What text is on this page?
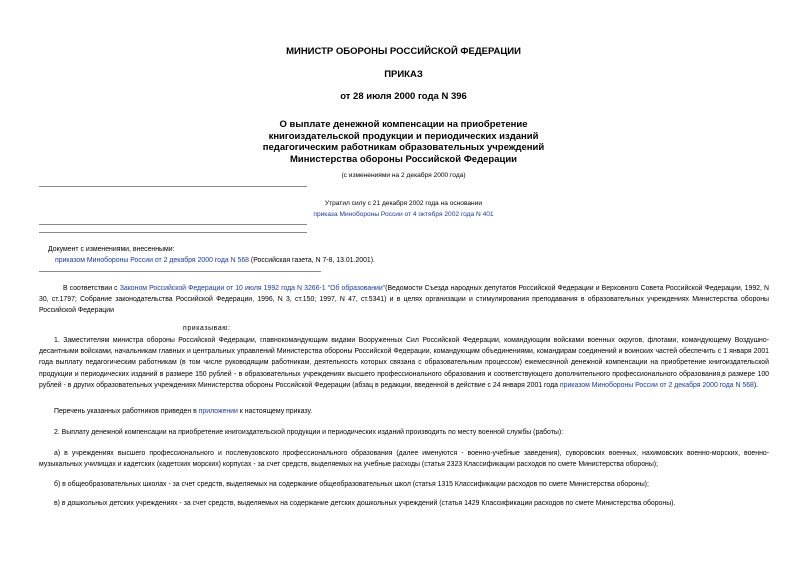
МИНИСТР ОБОРОНЫ РОССИЙСКОЙ ФЕДЕРАЦИИ
ПРИКАЗ
от 28 июля 2000 года N 396
О выплате денежной компенсации на приобретение
книгоиздательской продукции и периодических изданий
педагогическим работникам образовательных учреждений
Министерства обороны Российской Федерации
(с изменениями на 2 декабря 2000 года)
Утратил силу с 21 декабря 2002 года на основании
приказа Минобороны России от 4 октября 2002 года N 401
Документ с изменениями, внесенными:
приказом Минобороны России от 2 декабря 2000 года N 568 (Российская газета, N 7-8, 13.01.2001).
В соответствии с Законом Российской Федерации от 10 июля 1992 года N 3266-1 "Об образовании"(Ведомости Съезда народных депутатов Российской Федерации и Верховного Совета Российской Федерации, 1992, N 30, ст.1797; Собрание законодательства Российской Федерации, 1996, N 3, ст.150; 1997, N 47, ст.5341) и в целях организации и стимулирования преподавания в образовательных учреждениях Министерства обороны Российской Федерации
приказываю:
1. Заместителям министра обороны Российской Федерации, главнокомандующим видами Вооруженных Сил Российской Федерации, командующим войсками военных округов, флотами, командующему Воздушно-десантными войсками, начальникам главных и центральных управлений Министерства обороны Российской Федерации, командующим объединениями, командирам соединений и воинских частей обеспечить с 1 января 2001 года выплату педагогическим работникам (в том числе руководящим работникам, деятельность которых связана с образовательным процессом) ежемесячной денежной компенсации на приобретение книгоиздательской продукции и периодических изданий в размере 150 рублей - в образовательных учреждениях высшего профессионального образования и соответствующего дополнительного профессионального образования,в размере 100 рублей - в других образовательных учреждениях Министерства обороны Российской Федерации (абзац в редакции, введенной в действие с 24 января 2001 года приказом Минобороны России от 2 декабря 2000 года N 568).
Перечень указанных работников приведен в приложении к настоящему приказу.
2. Выплату денежной компенсации на приобретение книгоиздательской продукции и периодических изданий производить по месту военной службы (работы):
а) в учреждениях высшего профессионального и послевузовского профессионального образования (далее именуются - военно-учебные заведения), суворовских военных, нахимовских военно-морских, военно-музыкальных училищах и кадетских (кадетских морских) корпусах - за счет средств, выделяемых на учебные расходы (статья 2323 Классификации расходов по смете Министерства обороны);
б) в общеобразовательных школах - за счет средств, выделяемых на содержание общеобразовательных школ (статья 1315 Классификации расходов по смете Министерства обороны);
в) в дошкольных детских учреждениях - за счет средств, выделяемых на содержание детских дошкольных учреждений (статья 1429 Классификации расходов по смете Министерства обороны).
